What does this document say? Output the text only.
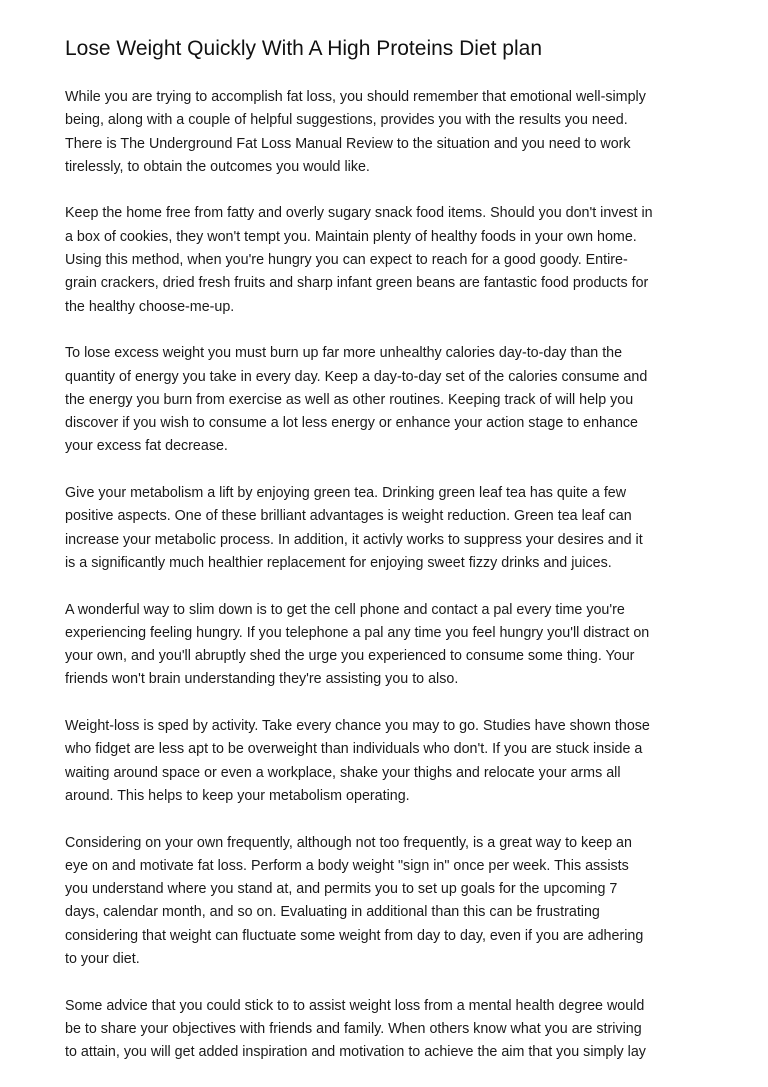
Lose Weight Quickly With A High Proteins Diet plan
While you are trying to accomplish fat loss, you should remember that emotional well-simply
being, along with a couple of helpful suggestions, provides you with the results you need.
There is The Underground Fat Loss Manual Review to the situation and you need to work
tirelessly, to obtain the outcomes you would like.
Keep the home free from fatty and overly sugary snack food items. Should you don't invest in
a box of cookies, they won't tempt you. Maintain plenty of healthy foods in your own home.
Using this method, when you're hungry you can expect to reach for a good goody. Entire-
grain crackers, dried fresh fruits and sharp infant green beans are fantastic food products for
the healthy choose-me-up.
To lose excess weight you must burn up far more unhealthy calories day-to-day than the
quantity of energy you take in every day. Keep a day-to-day set of the calories consume and
the energy you burn from exercise as well as other routines. Keeping track of will help you
discover if you wish to consume a lot less energy or enhance your action stage to enhance
your excess fat decrease.
Give your metabolism a lift by enjoying green tea. Drinking green leaf tea has quite a few
positive aspects. One of these brilliant advantages is weight reduction. Green tea leaf can
increase your metabolic process. In addition, it activly works to suppress your desires and it
is a significantly much healthier replacement for enjoying sweet fizzy drinks and juices.
A wonderful way to slim down is to get the cell phone and contact a pal every time you're
experiencing feeling hungry. If you telephone a pal any time you feel hungry you'll distract on
your own, and you'll abruptly shed the urge you experienced to consume some thing. Your
friends won't brain understanding they're assisting you to also.
Weight-loss is sped by activity. Take every chance you may to go. Studies have shown those
who fidget are less apt to be overweight than individuals who don't. If you are stuck inside a
waiting around space or even a workplace, shake your thighs and relocate your arms all
around. This helps to keep your metabolism operating.
Considering on your own frequently, although not too frequently, is a great way to keep an
eye on and motivate fat loss. Perform a body weight "sign in" once per week. This assists
you understand where you stand at, and permits you to set up goals for the upcoming 7
days, calendar month, and so on. Evaluating in additional than this can be frustrating
considering that weight can fluctuate some weight from day to day, even if you are adhering
to your diet.
Some advice that you could stick to to assist weight loss from a mental health degree would
be to share your objectives with friends and family. When others know what you are striving
to attain, you will get added inspiration and motivation to achieve the aim that you simply lay
